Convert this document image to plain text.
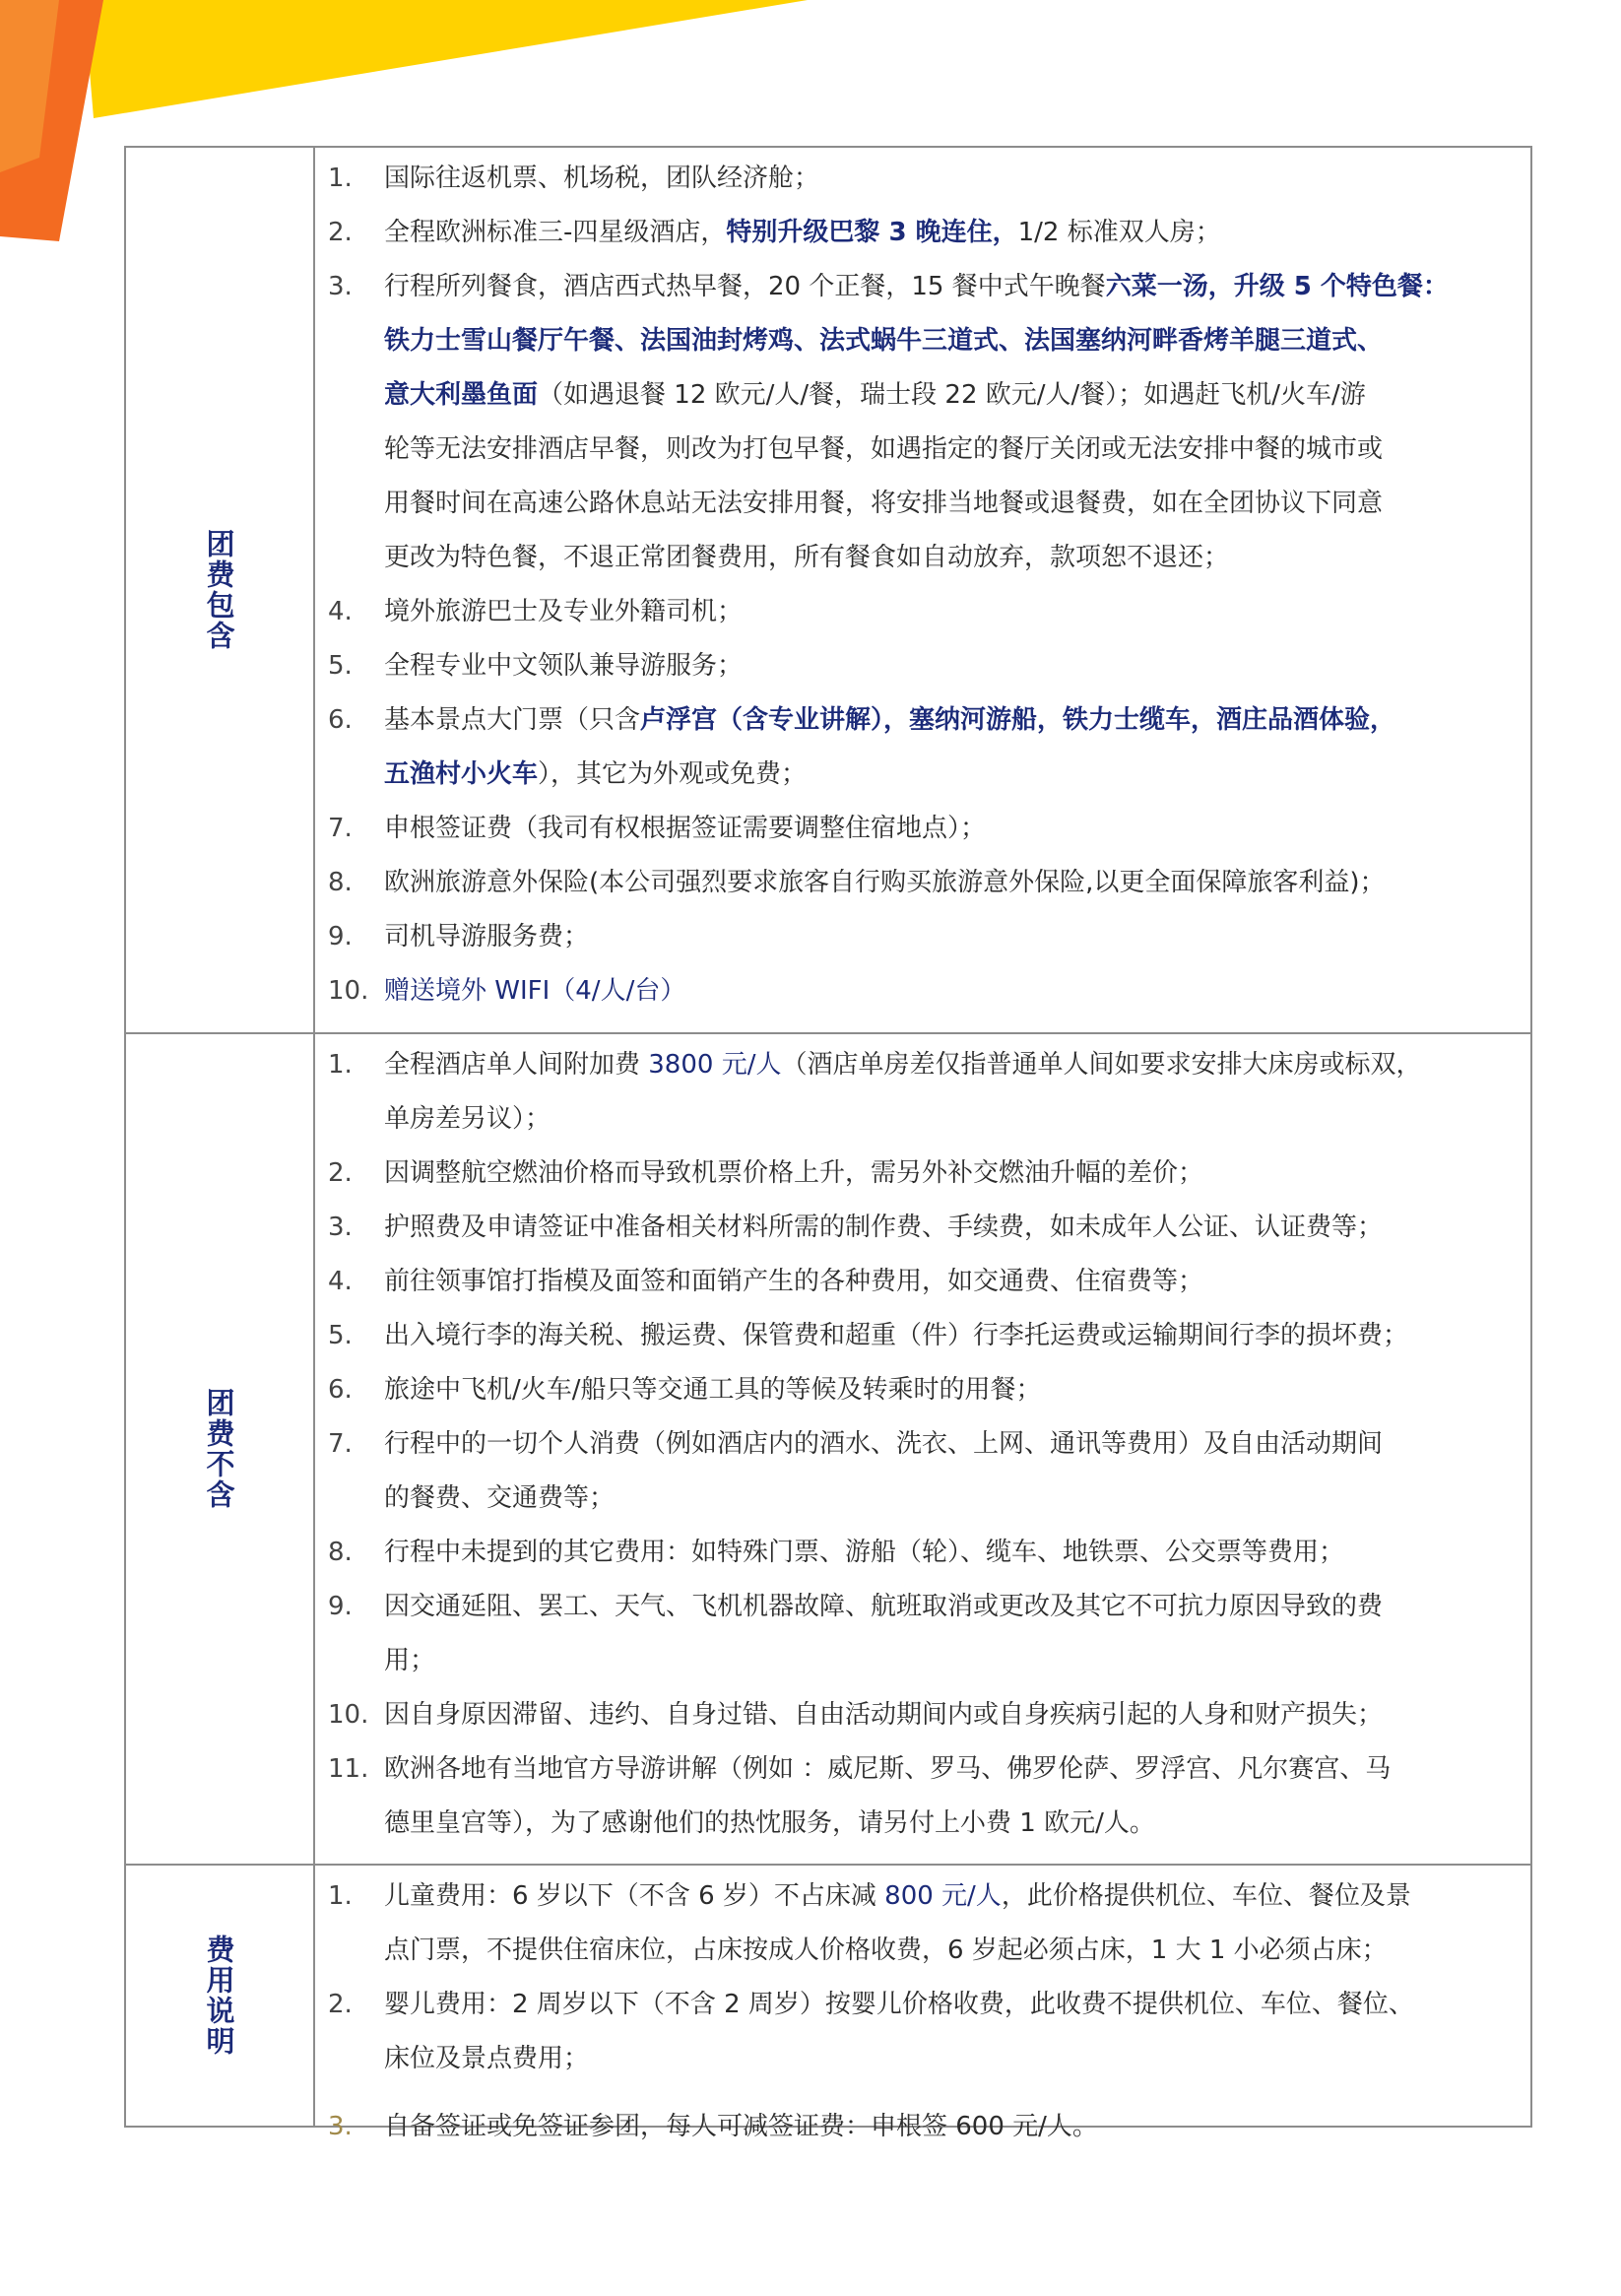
团费包含
1. 国际往返机票、机场税，团队经济舱；
2. 全程欧洲标准三-四星级酒店，特别升级巴黎 3 晚连住，1/2 标准双人房；
3. 行程所列餐食，酒店西式热早餐，20 个正餐，15 餐中式午晚餐六菜一汤，升级 5 个特色餐：
铁力士雪山餐厅午餐、法国油封烤鸡、法式蜗牛三道式、法国塞纳河畔香烤羊腿三道式、
意大利墨鱼面（如遇退餐 12 欧元/人/餐，瑞士段 22 欧元/人/餐）；如遇赶飞机/火车/游
轮等无法安排酒店早餐，则改为打包早餐，如遇指定的餐厅关闭或无法安排中餐的城市或
用餐时间在高速公路休息站无法安排用餐，将安排当地餐或退餐费，如在全团协议下同意
更改为特色餐，不退正常团餐费用，所有餐食如自动放弃，款项恕不退还；
4. 境外旅游巴士及专业外籍司机；
5. 全程专业中文领队兼导游服务；
6. 基本景点大门票（只含卢浮宫（含专业讲解），塞纳河游船，铁力士缆车，酒庄品酒体验，
五渔村小火车），其它为外观或免费；
7. 申根签证费（我司有权根据签证需要调整住宿地点）；
8. 欧洲旅游意外保险(本公司强烈要求旅客自行购买旅游意外保险,以更全面保障旅客利益)；
9. 司机导游服务费；
10. 赠送境外 WIFI（4/人/台）
团费不含
1. 全程酒店单人间附加费 3800 元/人（酒店单房差仅指普通单人间如要求安排大床房或标双，
单房差另议）；
2. 因调整航空燃油价格而导致机票价格上升，需另外补交燃油升幅的差价；
3. 护照费及申请签证中准备相关材料所需的制作费、手续费，如未成年人公证、认证费等；
4. 前往领事馆打指模及面签和面销产生的各种费用，如交通费、住宿费等；
5. 出入境行李的海关税、搬运费、保管费和超重（件）行李托运费或运输期间行李的损坏费；
6. 旅途中飞机/火车/船只等交通工具的等候及转乘时的用餐；
7. 行程中的一切个人消费（例如酒店内的酒水、洗衣、上网、通讯等费用）及自由活动期间
的餐费、交通费等；
8. 行程中未提到的其它费用：如特殊门票、游船（轮）、缆车、地铁票、公交票等费用；
9. 因交通延阻、罢工、天气、飞机机器故障、航班取消或更改及其它不可抗力原因导致的费
用；
10. 因自身原因滞留、违约、自身过错、自由活动期间内或自身疾病引起的人身和财产损失；
11. 欧洲各地有当地官方导游讲解（例如 ：威尼斯、罗马、佛罗伦萨、罗浮宫、凡尔赛宫、马
德里皇宫等），为了感谢他们的热忱服务，请另付上小费 1 欧元/人。
费用说明
1. 儿童费用：6 岁以下（不含 6 岁）不占床减 800 元/人，此价格提供机位、车位、餐位及景
点门票，不提供住宿床位，占床按成人价格收费，6 岁起必须占床，1 大 1 小必须占床；
2. 婴儿费用：2 周岁以下（不含 2 周岁）按婴儿价格收费，此收费不提供机位、车位、餐位、
床位及景点费用；
3. 自备签证或免签证参团，每人可减签证费：申根签 600 元/人。
